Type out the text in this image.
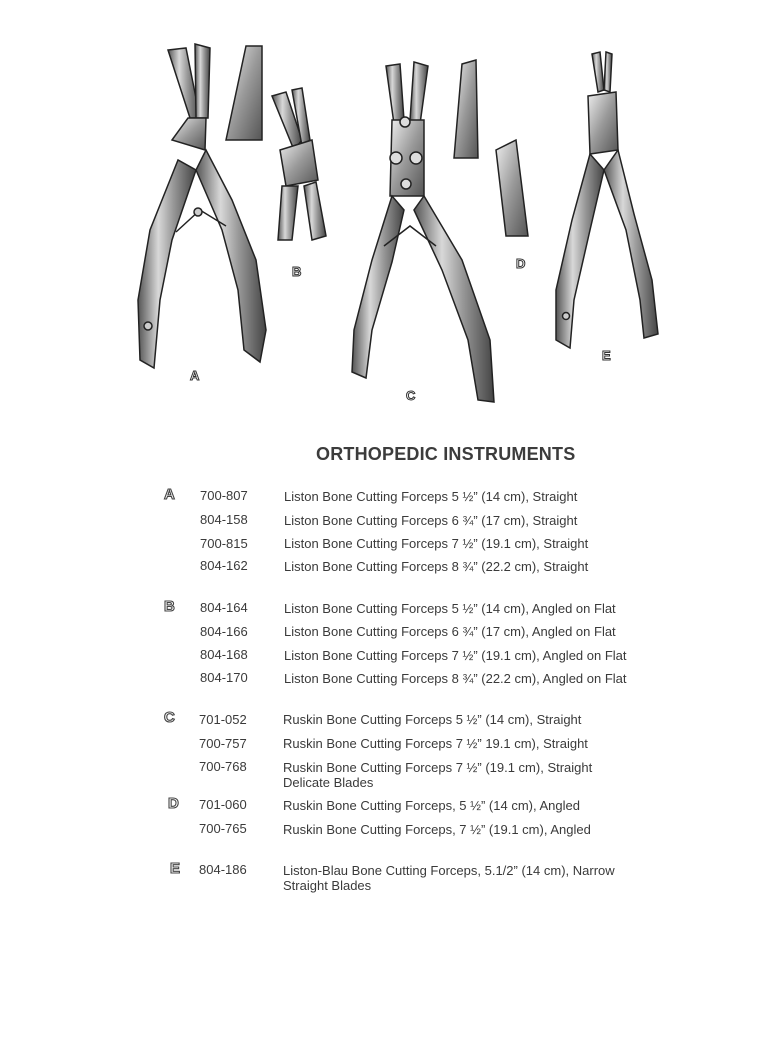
A
B
C
D
E
ORTHOPEDIC INSTRUMENTS
A 700-807	Liston Bone Cutting Forceps 5 ½” (14 cm), Straight
804-158	Liston Bone Cutting Forceps 6 ¾” (17 cm), Straight
700-815	Liston Bone Cutting Forceps 7 ½” (19.1 cm), Straight
804-162	Liston Bone Cutting Forceps 8 ¾” (22.2 cm), Straight
B 804-164	Liston Bone Cutting Forceps 5 ½” (14 cm), Angled on Flat
804-166	Liston Bone Cutting Forceps 6 ¾” (17 cm), Angled on Flat
804-168	Liston Bone Cutting Forceps 7 ½” (19.1 cm), Angled on Flat
804-170	Liston Bone Cutting Forceps 8 ¾” (22.2 cm), Angled on Flat
C 701-052	Ruskin Bone Cutting Forceps 5 ½” (14 cm), Straight
700-757	Ruskin Bone Cutting Forceps 7 ½” 19.1 cm), Straight
700-768	Ruskin Bone Cutting Forceps 7 ½” (19.1 cm), Straight
Delicate Blades
D 701-060	Ruskin Bone Cutting Forceps, 5 ½” (14 cm), Angled
700-765	Ruskin Bone Cutting Forceps, 7 ½” (19.1 cm), Angled
E 804-186	Liston-Blau Bone Cutting Forceps, 5.1/2” (14 cm), Narrow
Straight Blades
